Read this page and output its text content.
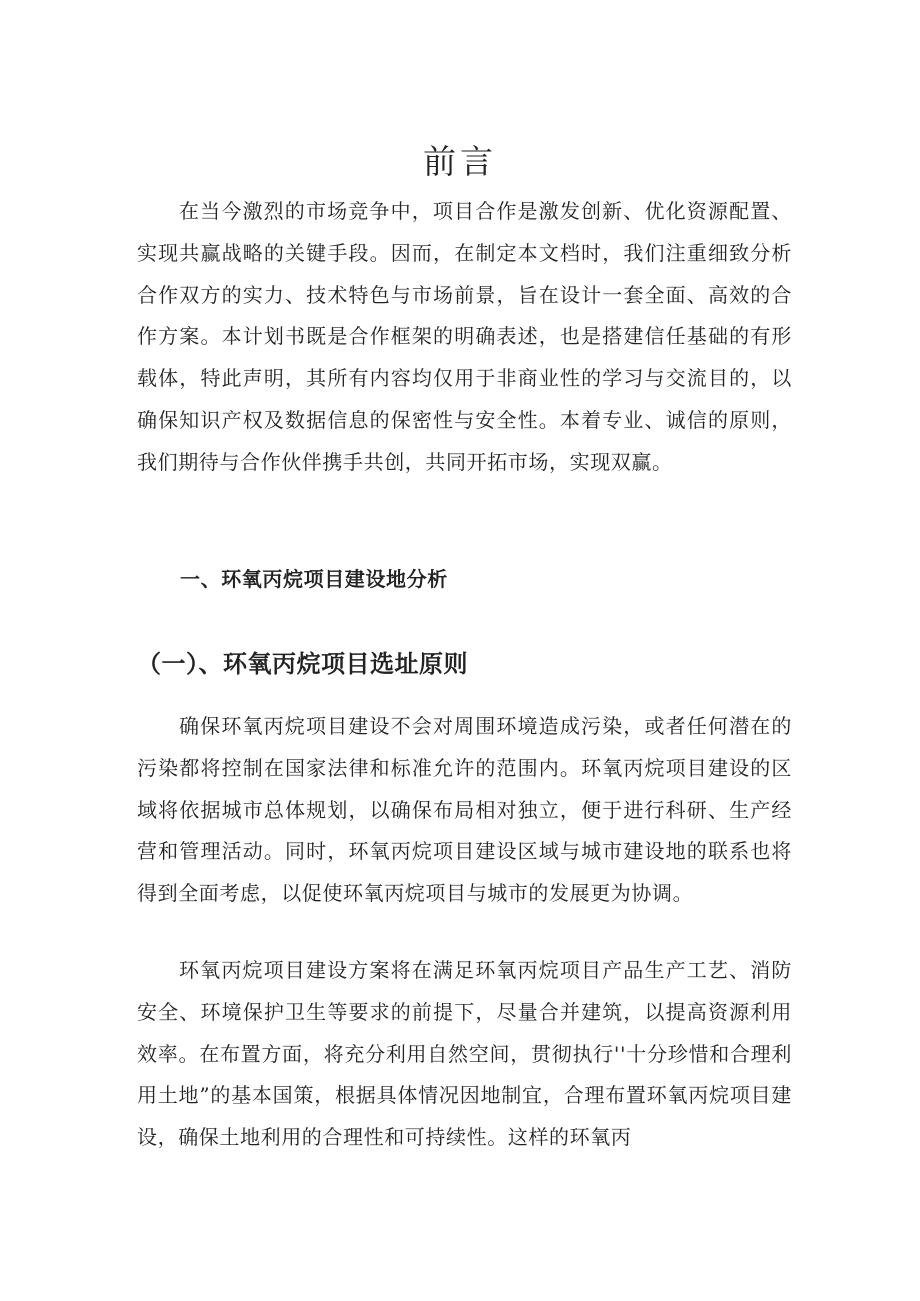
前言

在当今激烈的市场竞争中，项目合作是激发创新、优化资源配置、实现共赢战略的关键手段。因而，在制定本文档时，我们注重细致分析合作双方的实力、技术特色与市场前景，旨在设计一套全面、高效的合作方案。本计划书既是合作框架的明确表述，也是搭建信任基础的有形载体，特此声明，其所有内容均仅用于非商业性的学习与交流目的，以确保知识产权及数据信息的保密性与安全性。本着专业、诚信的原则，我们期待与合作伙伴携手共创，共同开拓市场，实现双赢。

一、环氧丙烷项目建设地分析
（一）、环氧丙烷项目选址原则

确保环氧丙烷项目建设不会对周围环境造成污染，或者任何潜在的污染都将控制在国家法律和标准允许的范围内。环氧丙烷项目建设的区域将依据城市总体规划，以确保布局相对独立，便于进行科研、生产经营和管理活动。同时，环氧丙烷项目建设区域与城市建设地的联系也将得到全面考虑，以促使环氧丙烷项目与城市的发展更为协调。

环氧丙烷项目建设方案将在满足环氧丙烷项目产品生产工艺、消防安全、环境保护卫生等要求的前提下，尽量合并建筑，以提高资源利用效率。在布置方面，将充分利用自然空间，贯彻执行''十分珍惜和合理利用土地”的基本国策，根据具体情况因地制宜，合理布置环氧丙烷项目建设，确保土地利用的合理性和可持续性。这样的环氧丙
